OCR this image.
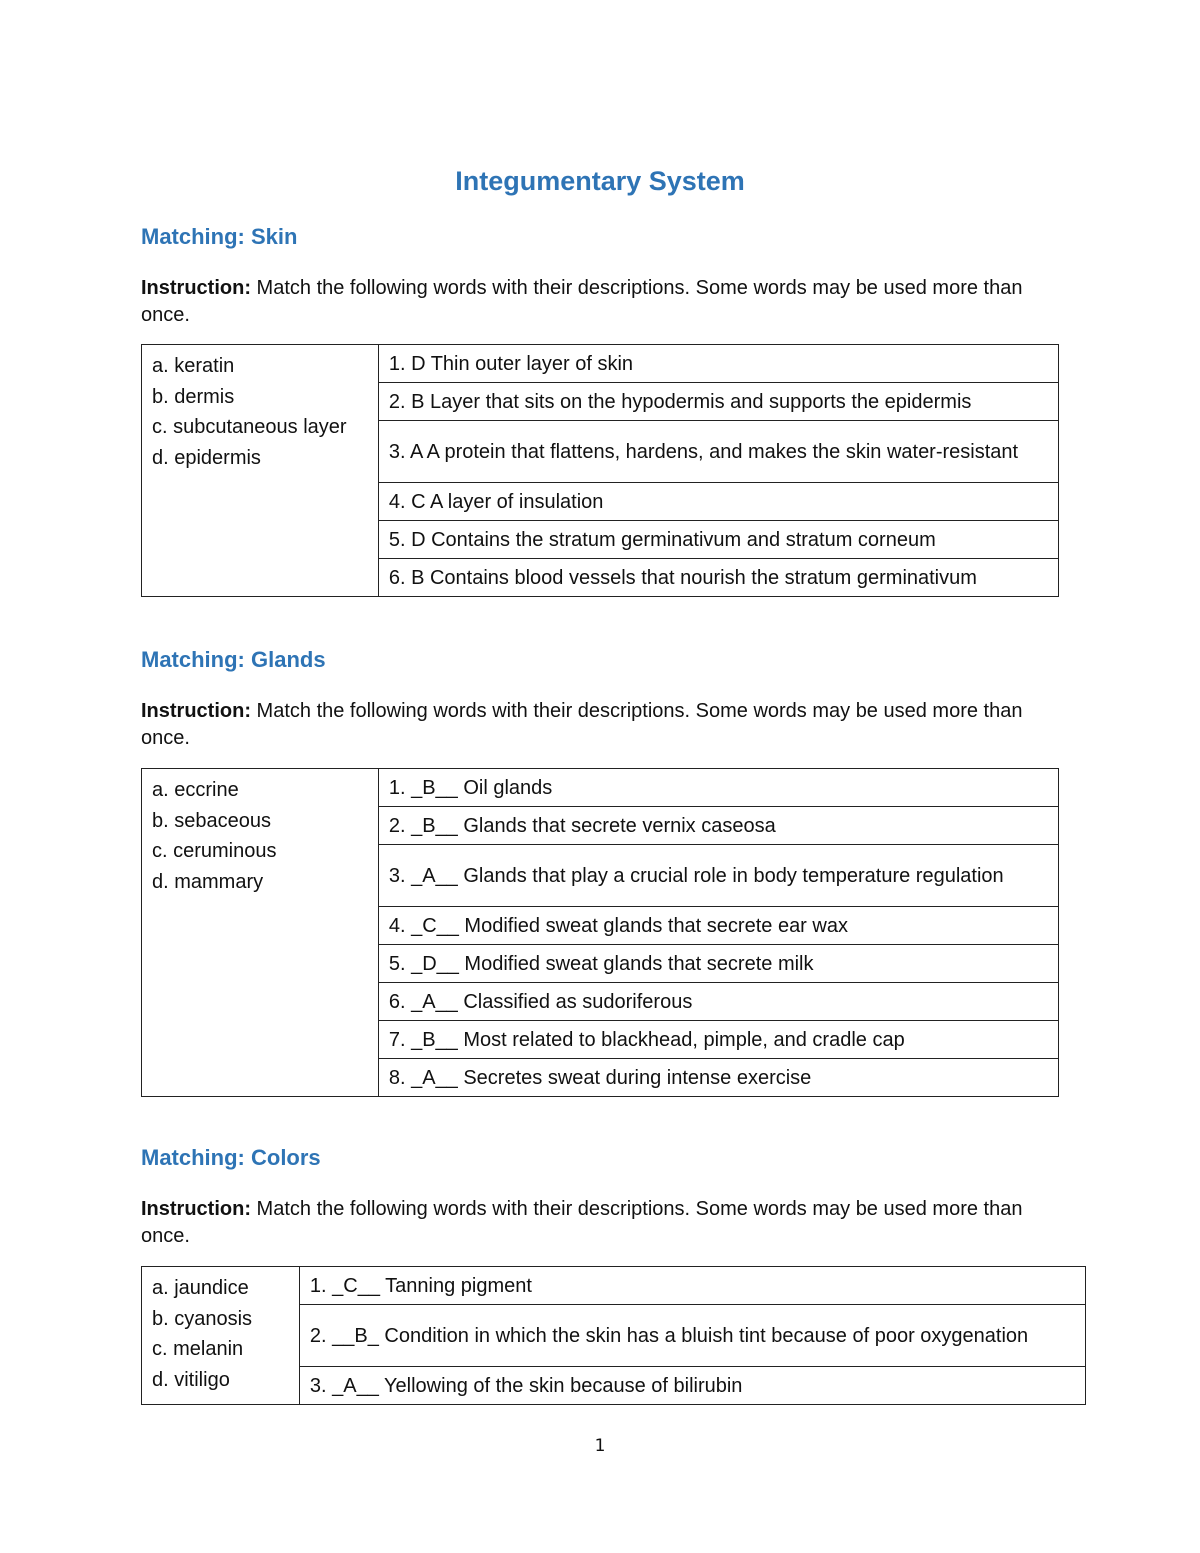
Integumentary System
Matching: Skin

Instruction: Match the following words with their descriptions. Some words may be used more than once.

a. keratin
b. dermis
c. subcutaneous layer
d. epidermis
	1. D Thin outer layer of skin
2. B Layer that sits on the hypodermis and supports the epidermis
3. A A protein that flattens, hardens, and makes the skin water-resistant
4. C A layer of insulation
5. D Contains the stratum germinativum and stratum corneum
6. B Contains blood vessels that nourish the stratum germinativum
Matching: Glands

Instruction: Match the following words with their descriptions. Some words may be used more than once.

a. eccrine
b. sebaceous
c. ceruminous
d. mammary
	1. _B__ Oil glands
2. _B__ Glands that secrete vernix caseosa
3. _A__ Glands that play a crucial role in body temperature regulation
4. _C__ Modified sweat glands that secrete ear wax
5. _D__ Modified sweat glands that secrete milk
6. _A__ Classified as sudoriferous
7. _B__ Most related to blackhead, pimple, and cradle cap
8. _A__ Secretes sweat during intense exercise
Matching: Colors

Instruction: Match the following words with their descriptions. Some words may be used more than once.

a. jaundice
b. cyanosis
c. melanin
d. vitiligo
	1. _C__ Tanning pigment
2. __B_ Condition in which the skin has a bluish tint because of poor oxygenation
3. _A__ Yellowing of the skin because of bilirubin
1
